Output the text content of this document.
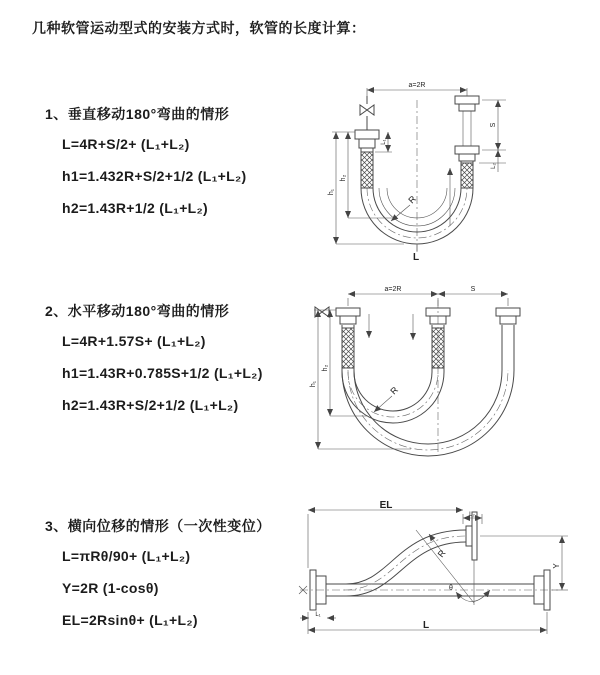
几种软管运动型式的安装方式时，软管的长度计算：
1、垂直移动180°弯曲的情形
L=4R+S/2+ (L₁+L₂)
h1=1.432R+S/2+1/2 (L₁+L₂)
h2=1.43R+1/2 (L₁+L₂)
2、水平移动180°弯曲的情形
L=4R+1.57S+ (L₁+L₂)
h1=1.43R+0.785S+1/2 (L₁+L₂)
h2=1.43R+S/2+1/2 (L₁+L₂)
3、横向位移的情形（一次性变位）
L=πRθ/90+ (L₁+L₂)
Y=2R (1-cosθ)
EL=2Rsinθ+ (L₁+L₂)
a=2R
S
L₂
h₁
h₂
L₁
R
L
a=2R	S
h₁
h₂
R
EL
L₂
Y
L
L₁
R
θ
